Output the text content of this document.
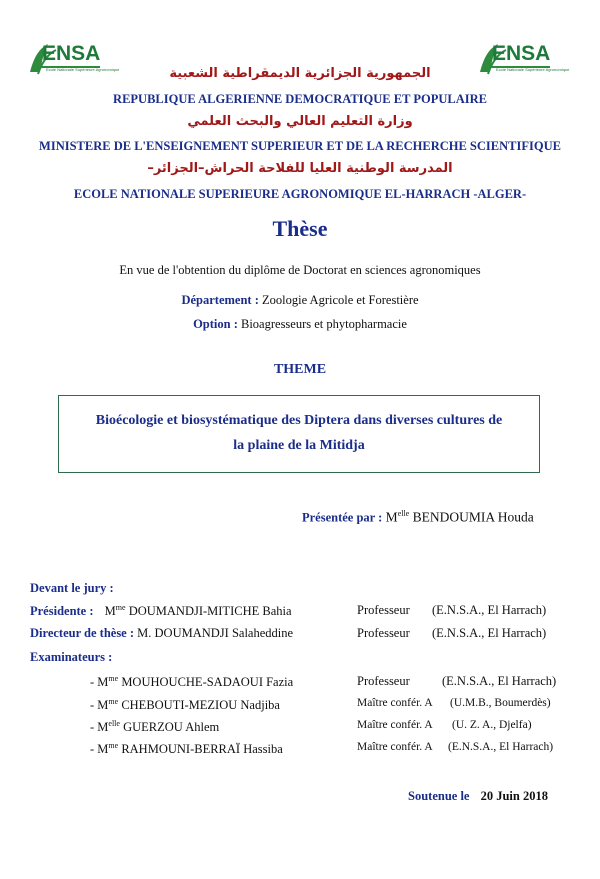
ENSA
Ecole Nationale Supérieure Agronomique
ENSA
Ecole Nationale Supérieure Agronomique
الجمهورية الجزائرية الديمقراطية الشعبية
REPUBLIQUE ALGERIENNE DEMOCRATIQUE ET POPULAIRE
وزارة التعليم العالي والبحث العلمي
MINISTERE DE L'ENSEIGNEMENT SUPERIEUR ET DE LA RECHERCHE SCIENTIFIQUE
المدرسة الوطنية العليا للفلاحة الحراش–الجزائر–
ECOLE NATIONALE SUPERIEURE AGRONOMIQUE EL-HARRACH -ALGER-
Thèse
En vue de l'obtention du diplôme de Doctorat en sciences agronomiques
Département : Zoologie Agricole et Forestière
Option : Bioagresseurs et phytopharmacie
THEME
Bioécologie et biosystématique des Diptera dans diverses cultures de
la plaine de la Mitidja
Présentée par : $M^{elle}$ BENDOUMIA Houda
Devant le jury :
Présidente : $M^{me}$ DOUMANDJI-MITICHE Bahia	Professeur (E.N.S.A., El Harrach)
Directeur de thèse : M. DOUMANDJI Salaheddine	Professeur (E.N.S.A., El Harrach)
Examinateurs :
- $M^{me}$ MOUHOUCHE-SADAOUI Fazia	Professeur	(E.N.S.A., El Harrach)
- $M^{me}$ CHEBOUTI-MEZIOU Nadjiba	Maître confér. A (U.M.B., Boumerdès)
- $M^{elle}$ GUERZOU Ahlem	Maître confér. A (U. Z. A., Djelfa)
- $M^{me}$ RAHMOUNI-BERRAÏ Hassiba	Maître confér. A (E.N.S.A., El Harrach)
Soutenue le 20 Juin 2018
